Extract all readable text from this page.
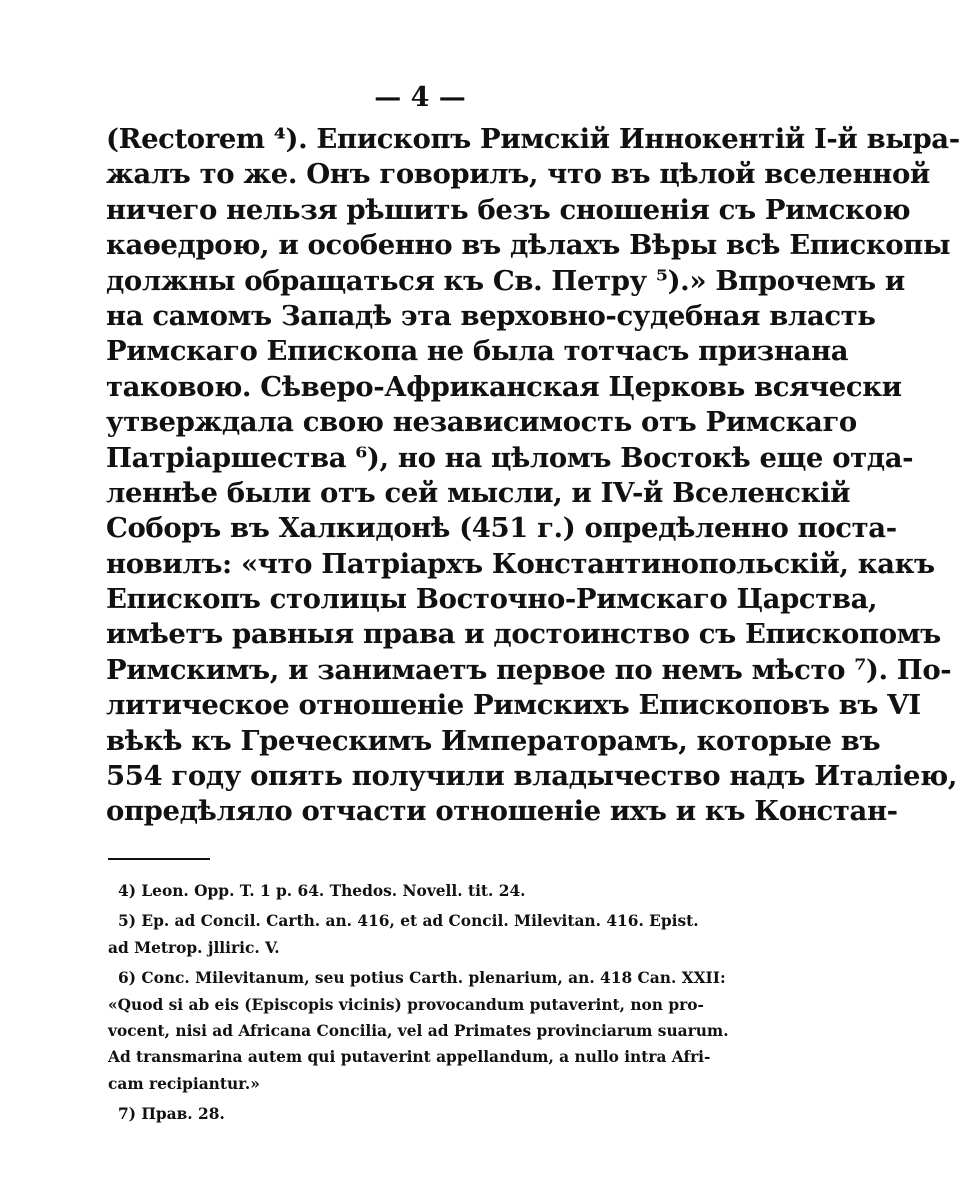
— 4 —
(Rectorem ⁴). Епископъ Римскій Иннокентій I-й выра-
жалъ то же. Онъ говорилъ, что въ цѣлой вселенной
ничего нельзя рѣшить безъ сношенія съ Римскою
каѳедрою, и особенно въ дѣлахъ Вѣры всѣ Епископы
должны обращаться къ Св. Петру ⁵).» Впрочемъ и
на самомъ Западѣ эта верховно-судебная власть
Римскаго Епископа не была тотчасъ признана
таковою. Сѣверо-Африканская Церковь всячески
утверждала свою независимость отъ Римскаго
Патріаршества ⁶), но на цѣломъ Востокѣ еще отда-
леннѣе были отъ сей мысли, и IV-й Вселенскій
Соборъ въ Халкидонѣ (451 г.) опредѣленно поста-
новилъ: «что Патріархъ Константинопольскій, какъ
Епископъ столицы Восточно-Римскаго Царства,
имѣетъ равныя права и достоинство съ Епископомъ
Римскимъ, и занимаетъ первое по немъ мѣсто ⁷). По-
литическое отношеніе Римскихъ Епископовъ въ VI
вѣкѣ къ Греческимъ Императорамъ, которые въ
554 году опять получили владычество надъ Италіею,
опредѣляло отчасти отношеніе ихъ и къ Констан-
4) Leon. Opp. T. 1 p. 64. Thedos. Novell. tit. 24.
5) Ep. ad Concil. Carth. an. 416, et ad Concil. Milevitan. 416. Epist.
ad Metrop. jlliric. V.
6) Conc. Milevitanum, seu potius Carth. plenarium, an. 418 Can. XXII:
«Quod si ab eis (Episcopis vicinis) provocandum putaverint, non pro-
vocent, nisi ad Africana Concilia, vel ad Primates provinciarum suarum.
Ad transmarina autem qui putaverint appellandum, a nullo intra Afri-
cam recipiantur.»
7) Прав. 28.
